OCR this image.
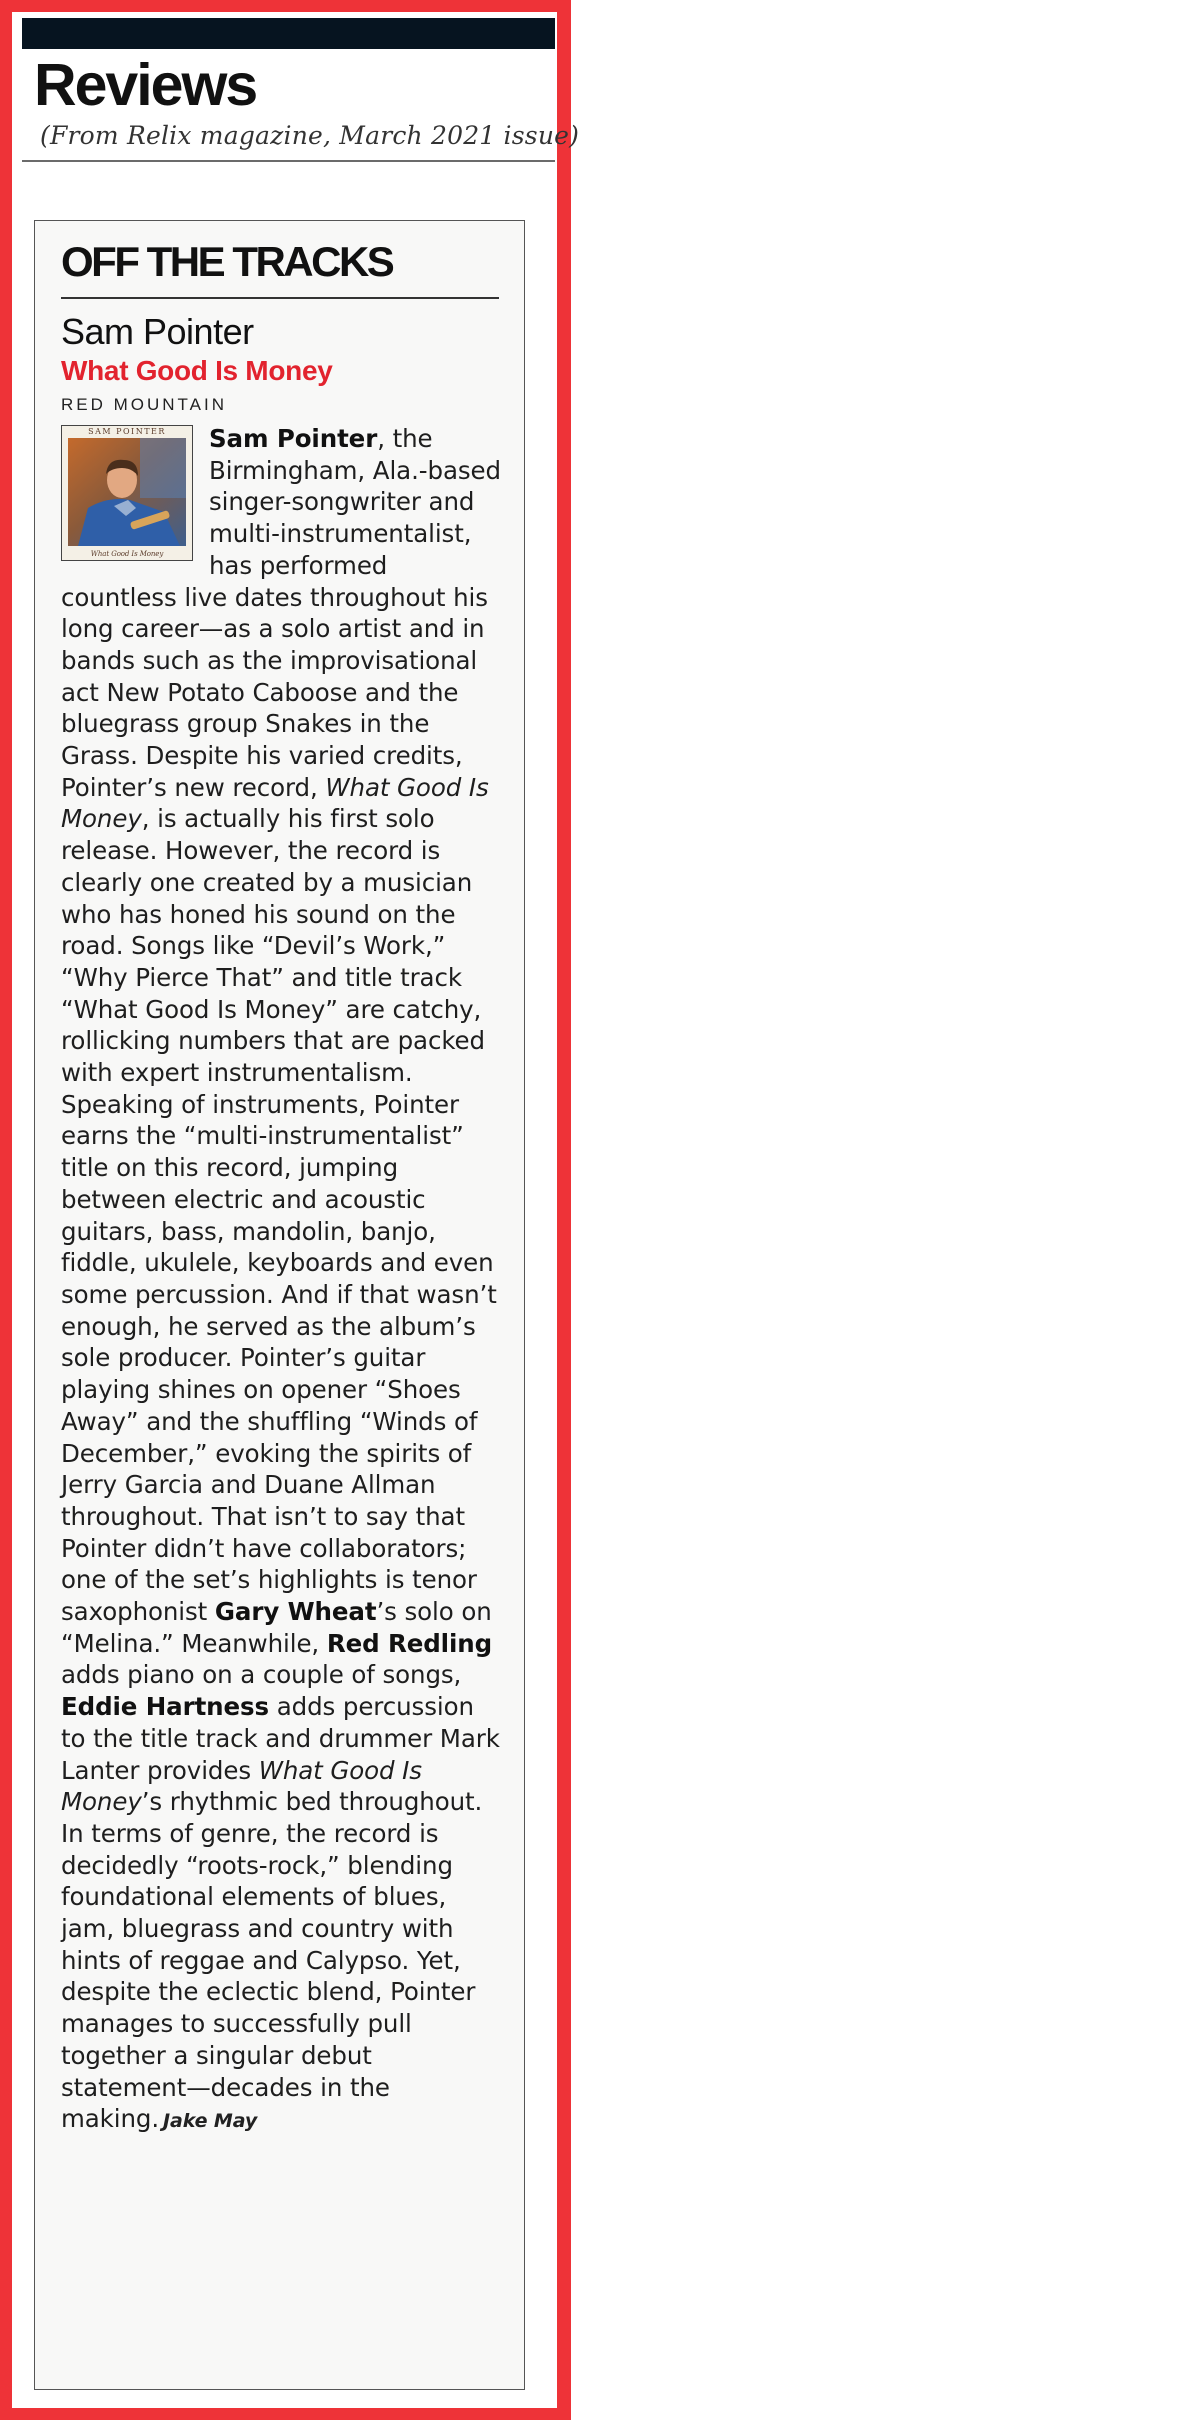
Reviews
(From Relix magazine, March 2021 issue)
OFF THE TRACKS
Sam Pointer
What Good Is Money
RED MOUNTAIN
SAM POINTER
What Good Is Money
Sam Pointer, the Birmingham, Ala.-based singer-songwriter and multi-instrumentalist, has performed countless live dates throughout his long career—as a solo artist and in bands such as the improvisational act New Potato Caboose and the bluegrass group Snakes in the Grass. Despite his varied credits, Pointer’s new record, What Good Is Money, is actually his first solo release. However, the record is clearly one created by a musician who has honed his sound on the road. Songs like “Devil’s Work,” “Why Pierce That” and title track “What Good Is Money” are catchy, rollicking numbers that are packed with expert instrumentalism. Speaking of instruments, Pointer earns the “multi-instrumentalist” title on this record, jumping between electric and acoustic guitars, bass, mandolin, banjo, fiddle, ukulele, keyboards and even some percussion. And if that wasn’t enough, he served as the album’s sole producer. Pointer’s guitar playing shines on opener “Shoes Away” and the shuffling “Winds of December,” evoking the spirits of Jerry Garcia and Duane Allman throughout. That isn’t to say that Pointer didn’t have collaborators; one of the set’s highlights is tenor saxophonist Gary Wheat’s solo on “Melina.” Meanwhile, Red Redling adds piano on a couple of songs, Eddie Hartness adds percussion to the title track and drummer Mark Lanter provides What Good Is Money’s rhythmic bed throughout. In terms of genre, the record is decidedly “roots-rock,” blending foundational elements of blues, jam, bluegrass and country with hints of reggae and Calypso. Yet, despite the eclectic blend, Pointer manages to successfully pull together a singular debut statement—decades in the making. Jake May
